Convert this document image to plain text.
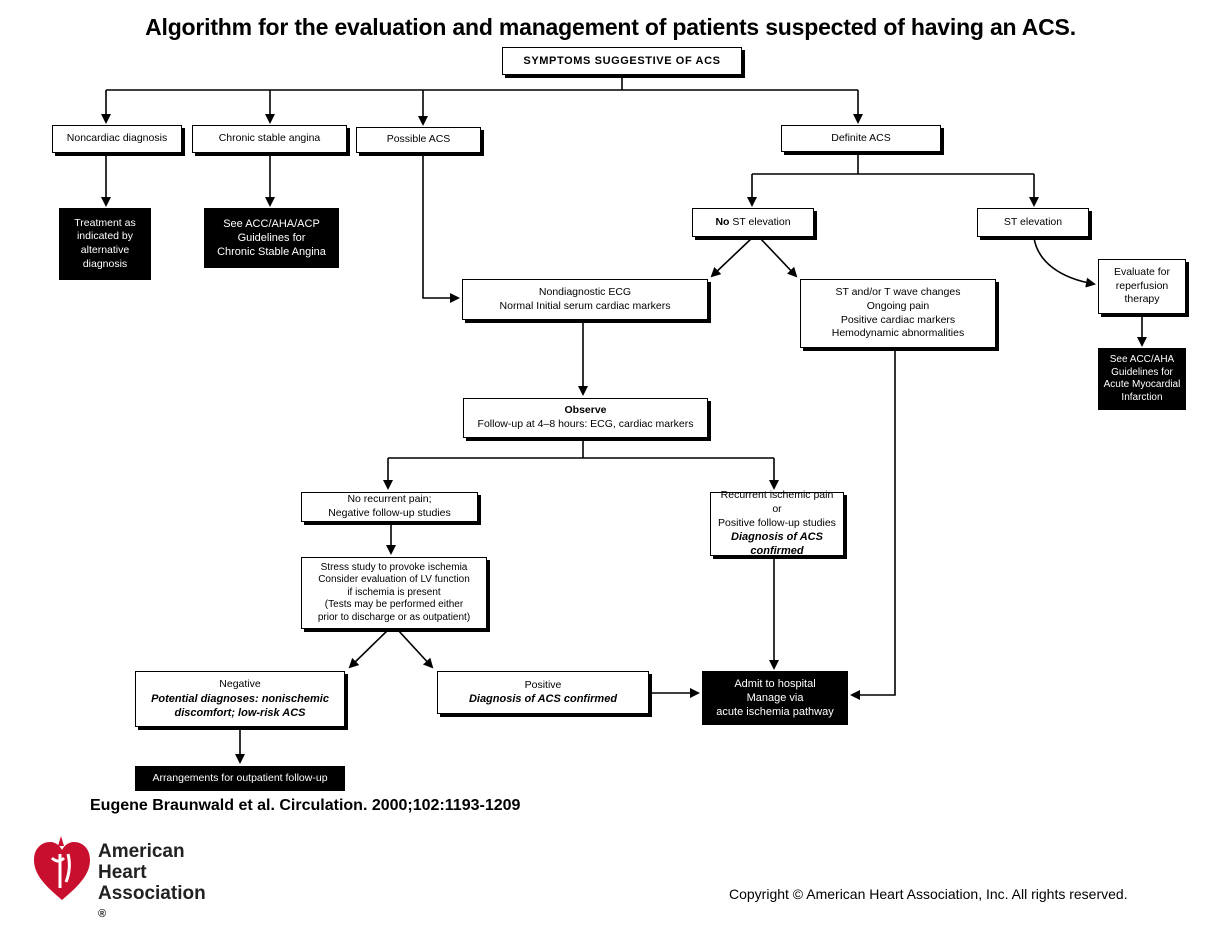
Algorithm for the evaluation and management of patients suspected of having an ACS.
SYMPTOMS SUGGESTIVE OF ACS
Noncardiac diagnosis	Chronic stable angina	Possible ACS	Definite ACS
Treatment as
indicated by
alternative
diagnosis
See ACC/AHA/ACP
Guidelines for
Chronic Stable Angina
No ST elevation	ST elevation
Evaluate for
reperfusion
therapy
See ACC/AHA
Guidelines for
Acute Myocardial
Infarction
Nondiagnostic ECG
Normal Initial serum cardiac markers
ST and/or T wave changes
Ongoing pain
Positive cardiac markers
Hemodynamic abnormalities
Observe
Follow-up at 4–8 hours: ECG, cardiac markers
No recurrent pain;
Negative follow-up studies
Recurrent ischemic pain or
Positive follow-up studies
Diagnosis of ACS
confirmed
Stress study to provoke ischemia
Consider evaluation of LV function
if ischemia is present
(Tests may be performed either
prior to discharge or as outpatient)
Negative
Potential diagnoses: nonischemic
discomfort; low-risk ACS
Positive
Diagnosis of ACS confirmed
Admit to hospital
Manage via
acute ischemia pathway
Arrangements for outpatient follow-up
Eugene Braunwald et al. Circulation. 2000;102:1193-1209
American
Heart
Association
®
Copyright © American Heart Association, Inc. All rights reserved.
